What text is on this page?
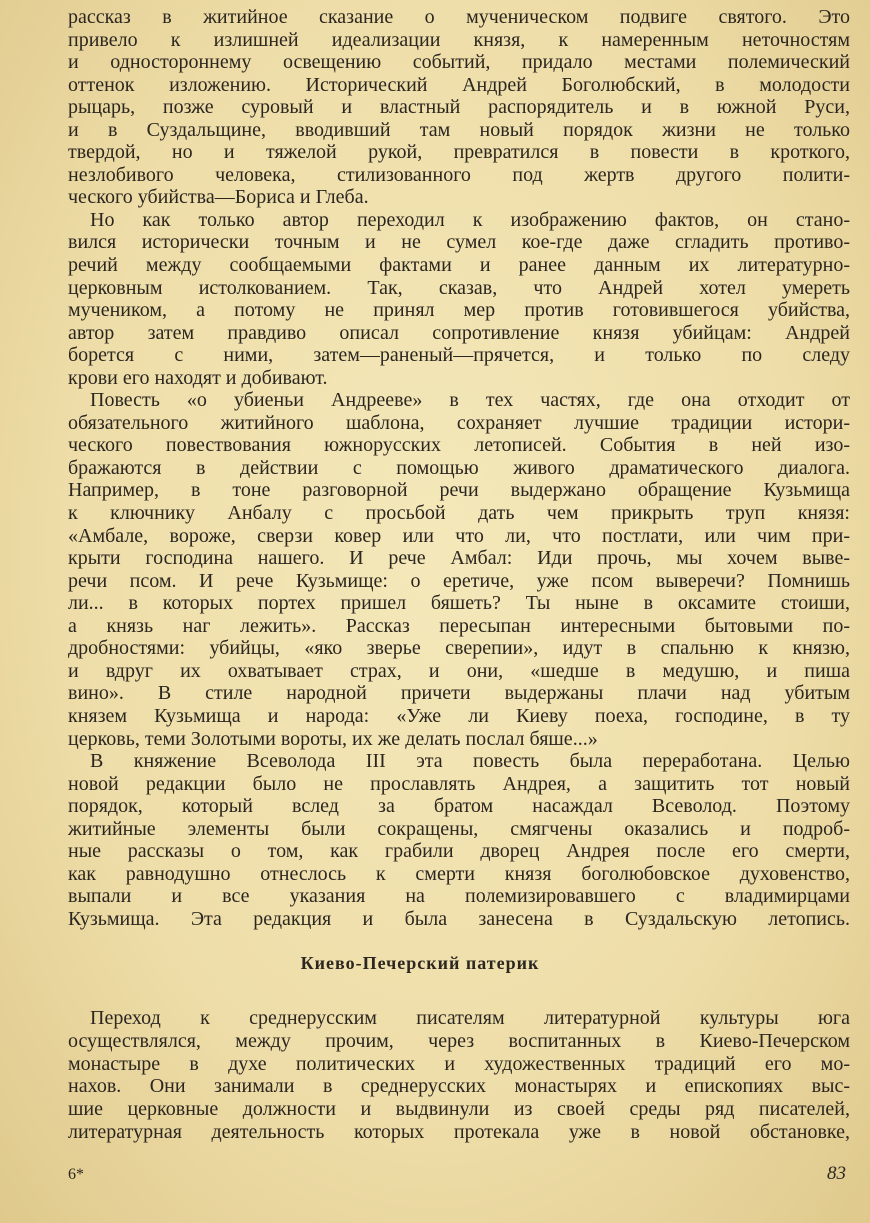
рассказ в житийное сказание о мученическом подвиге святого. Это
привело к излишней идеализации князя, к намеренным неточностям
и одностороннему освещению событий, придало местами полемический
оттенок изложению. Исторический Андрей Боголюбский, в молодости
рыцарь, позже суровый и властный распорядитель и в южной Руси,
и в Суздальщине, вводивший там новый порядок жизни не только
твердой, но и тяжелой рукой, превратился в повести в кроткого,
незлобивого человека, стилизованного под жертв другого полити-
ческого убийства—Бориса и Глеба.
Но как только автор переходил к изображению фактов, он стано-
вился исторически точным и не сумел кое-где даже сгладить противо-
речий между сообщаемыми фактами и ранее данным их литературно-
церковным истолкованием. Так, сказав, что Андрей хотел умереть
мучеником, а потому не принял мер против готовившегося убийства,
автор затем правдиво описал сопротивление князя убийцам: Андрей
борется с ними, затем—раненый—прячется, и только по следу
крови его находят и добивают.
Повесть «о убиеньи Андрееве» в тех частях, где она отходит от
обязательного житийного шаблона, сохраняет лучшие традиции истори-
ческого повествования южнорусских летописей. События в ней изо-
бражаются в действии с помощью живого драматического диалога.
Например, в тоне разговорной речи выдержано обращение Кузьмища
к ключнику Анбалу с просьбой дать чем прикрыть труп князя:
«Амбале, вороже, сверзи ковер или что ли, что постлати, или чим при-
крыти господина нашего. И рече Амбал: Иди прочь, мы хочем выве-
речи псом. И рече Кузьмище: о еретиче, уже псом выверечи? Помнишь
ли... в которых портех пришел бяшеть? Ты ныне в оксамите стоиши,
а князь наг лежить». Рассказ пересыпан интересными бытовыми по-
дробностями: убийцы, «яко зверье сверепии», идут в спальню к князю,
и вдруг их охватывает страх, и они, «шедше в медушю, и пиша
вино». В стиле народной причети выдержаны плачи над убитым
князем Кузьмища и народа: «Уже ли Киеву поеха, господине, в ту
церковь, теми Золотыми вороты, их же делать послал бяше...»
В княжение Всеволода III эта повесть была переработана. Целью
новой редакции было не прославлять Андрея, а защитить тот новый
порядок, который вслед за братом насаждал Всеволод. Поэтому
житийные элементы были сокращены, смягчены оказались и подроб-
ные рассказы о том, как грабили дворец Андрея после его смерти,
как равнодушно отнеслось к смерти князя боголюбовское духовенство,
выпали и все указания на полемизировавшего с владимирцами
Кузьмища. Эта редакция и была занесена в Суздальскую летопись.
Киево-Печерский патерик
Переход к среднерусским писателям литературной культуры юга
осуществлялся, между прочим, через воспитанных в Киево-Печерском
монастыре в духе политических и художественных традиций его мо-
нахов. Они занимали в среднерусских монастырях и епископиях выс-
шие церковные должности и выдвинули из своей среды ряд писателей,
литературная деятельность которых протекала уже в новой обстановке,
6*	83
